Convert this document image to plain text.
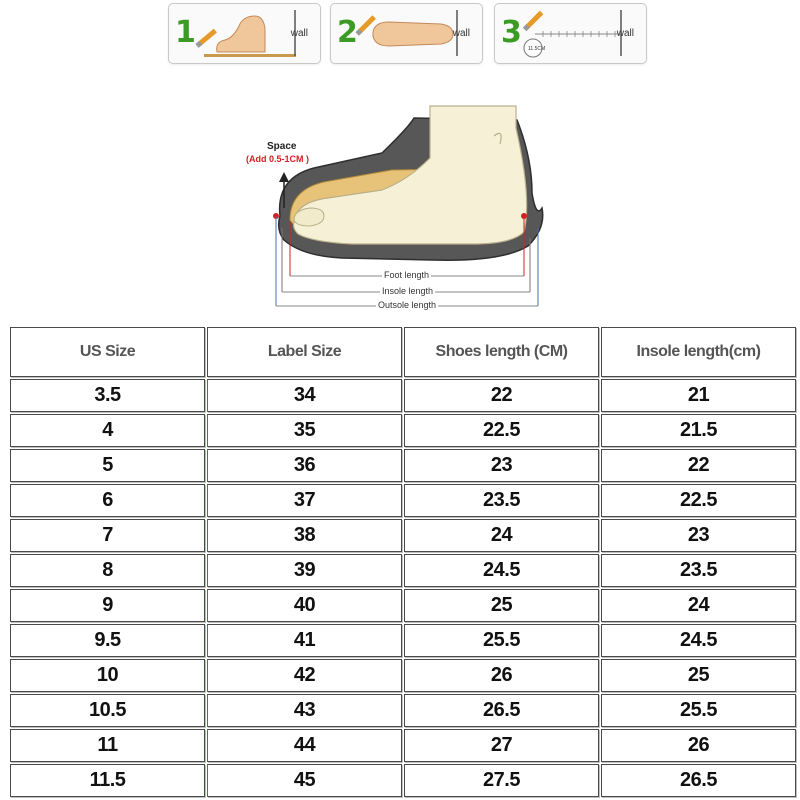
1	wall 2	wall 3	wall
11.5CM
Space
(Add 0.5-1CM )
Foot length
Insole length
Outsole length
US Size	Label Size	Shoes length (CM)	Insole length(cm)
3.5	34	22	21
4	35	22.5	21.5
5	36	23	22
6	37	23.5	22.5
7	38	24	23
8	39	24.5	23.5
9	40	25	24
9.5	41	25.5	24.5
10	42	26	25
10.5	43	26.5	25.5
11	44	27	26
11.5	45	27.5	26.5
